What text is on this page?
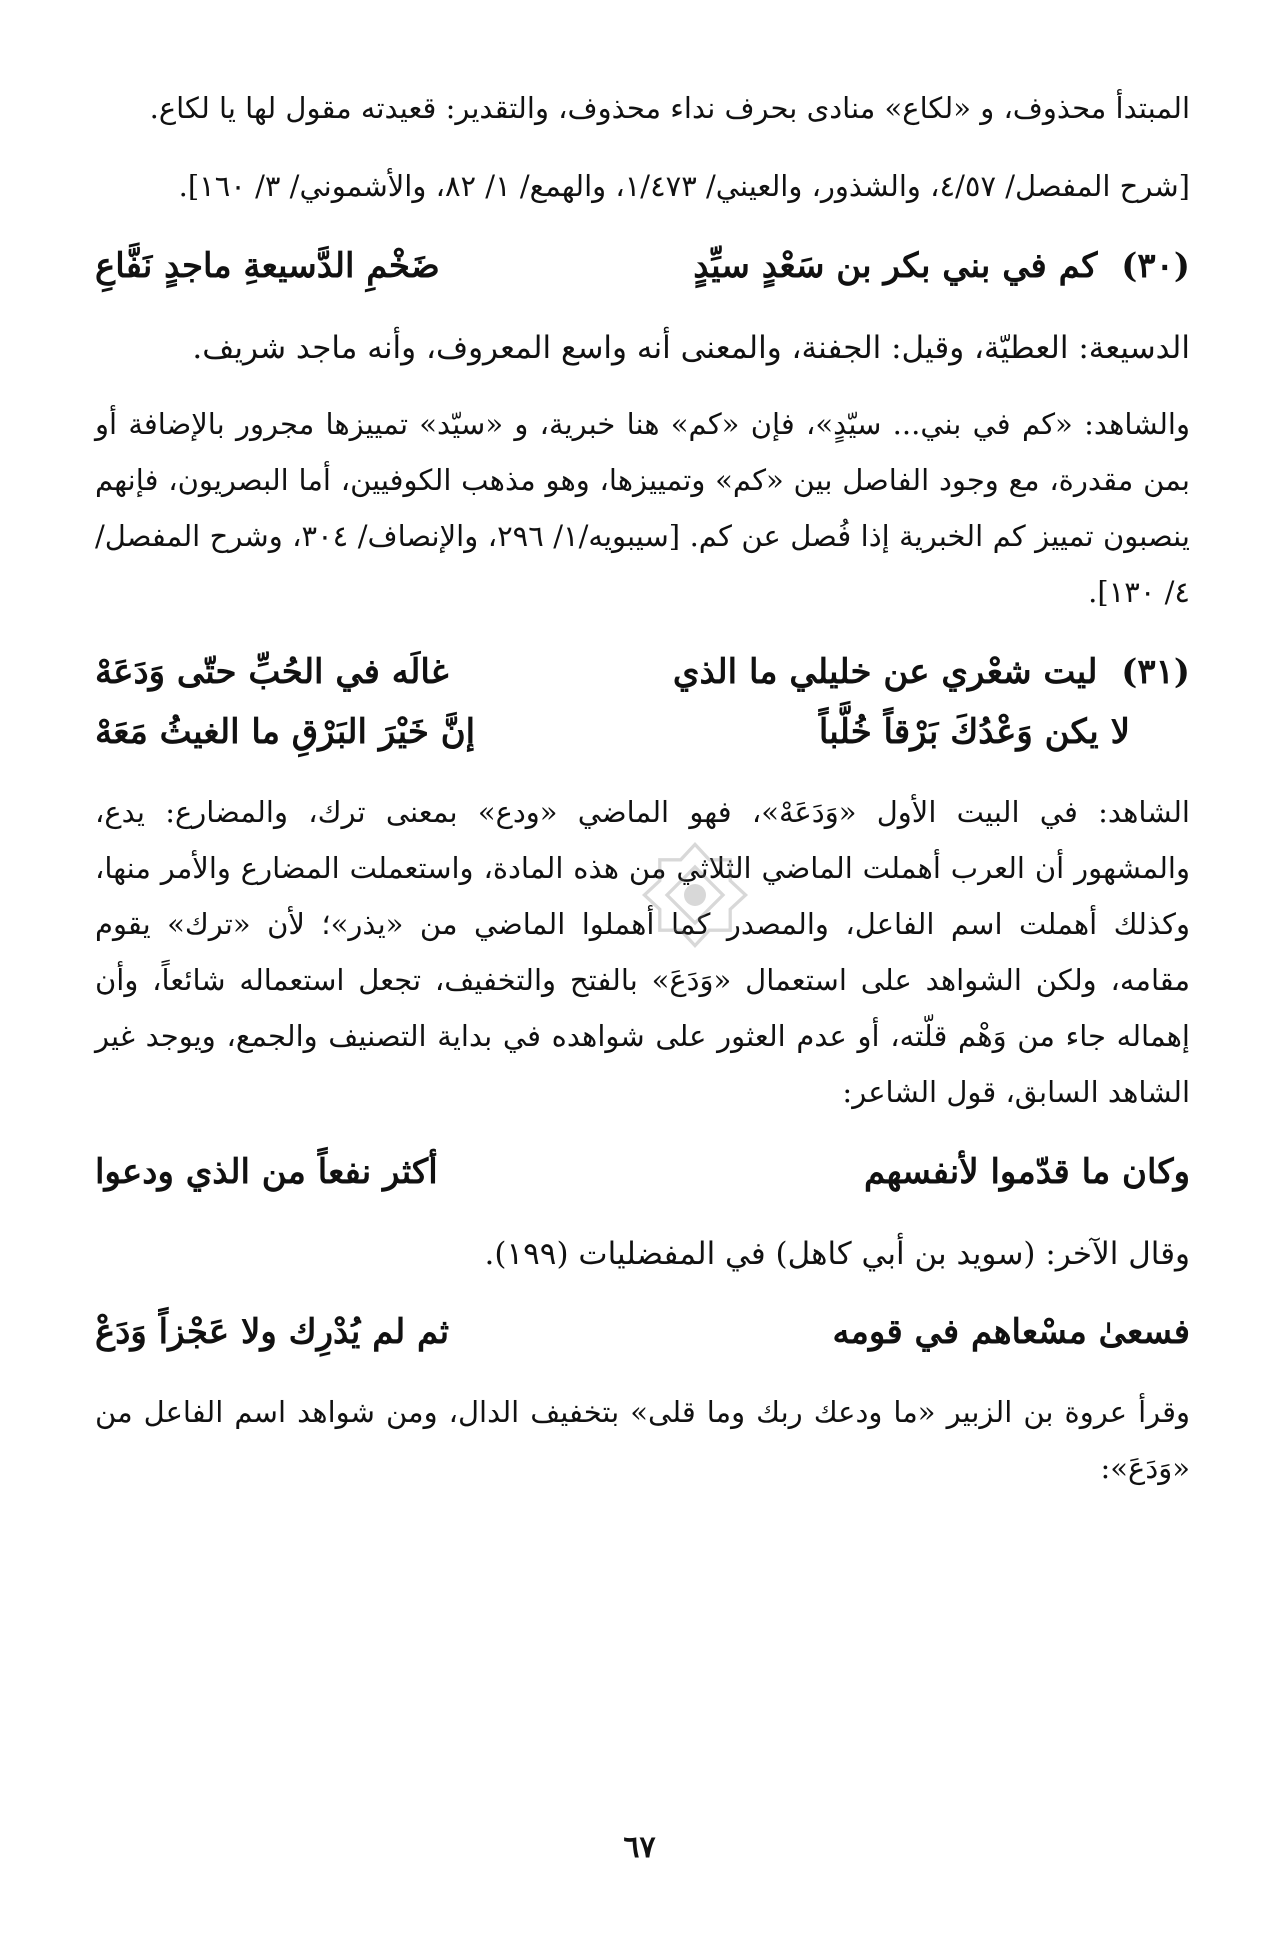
المبتدأ محذوف، و «لكاع» منادى بحرف نداء محذوف، والتقدير: قعيدته مقول لها يا لكاع.

[شرح المفصل/ ٤/٥٧، والشذور، والعيني/ ١/٤٧٣، والهمع/ ١/ ٨٢، والأشموني/ ٣/ ١٦٠].

(٣٠) كم في بني بكر بن سَعْدٍ سيِّدٍ
ضَخْمِ الدَّسيعةِ ماجدٍ نَفَّاعِ

الدسيعة: العطيّة، وقيل: الجفنة، والمعنى أنه واسع المعروف، وأنه ماجد شريف.

والشاهد: «كم في بني... سيّدٍ»، فإن «كم» هنا خبرية، و «سيّد» تمييزها مجرور بالإضافة أو بمن مقدرة، مع وجود الفاصل بين «كم» وتمييزها، وهو مذهب الكوفيين، أما البصريون، فإنهم ينصبون تمييز كم الخبرية إذا فُصل عن كم. [سيبويه/١/ ٢٩٦، والإنصاف/ ٣٠٤، وشرح المفصل/ ٤/ ١٣٠].

(٣١) ليت شعْري عن خليلي ما الذي
غالَه في الحُبِّ حتّى وَدَعَهْ
لا يكن وَعْدُكَ بَرْقاً خُلَّباً
إنَّ خَيْرَ البَرْقِ ما الغيثُ مَعَهْ

الشاهد: في البيت الأول «وَدَعَهْ»، فهو الماضي «ودع» بمعنى ترك، والمضارع: يدع، والمشهور أن العرب أهملت الماضي الثلاثي من هذه المادة، واستعملت المضارع والأمر منها، وكذلك أهملت اسم الفاعل، والمصدر كما أهملوا الماضي من «يذر»؛ لأن «ترك» يقوم مقامه، ولكن الشواهد على استعمال «وَدَعَ» بالفتح والتخفيف، تجعل استعماله شائعاً، وأن إهماله جاء من وَهْم قلّته، أو عدم العثور على شواهده في بداية التصنيف والجمع، ويوجد غير الشاهد السابق، قول الشاعر:

وكان ما قدّموا لأنفسهم
أكثر نفعاً من الذي ودعوا

وقال الآخر: (سويد بن أبي كاهل) في المفضليات (١٩٩).

فسعىٰ مسْعاهم في قومه
ثم لم يُدْرِك ولا عَجْزاً وَدَعْ

وقرأ عروة بن الزبير «ما ودعك ربك وما قلى» بتخفيف الدال، ومن شواهد اسم الفاعل من «وَدَعَ»:

٦٧
